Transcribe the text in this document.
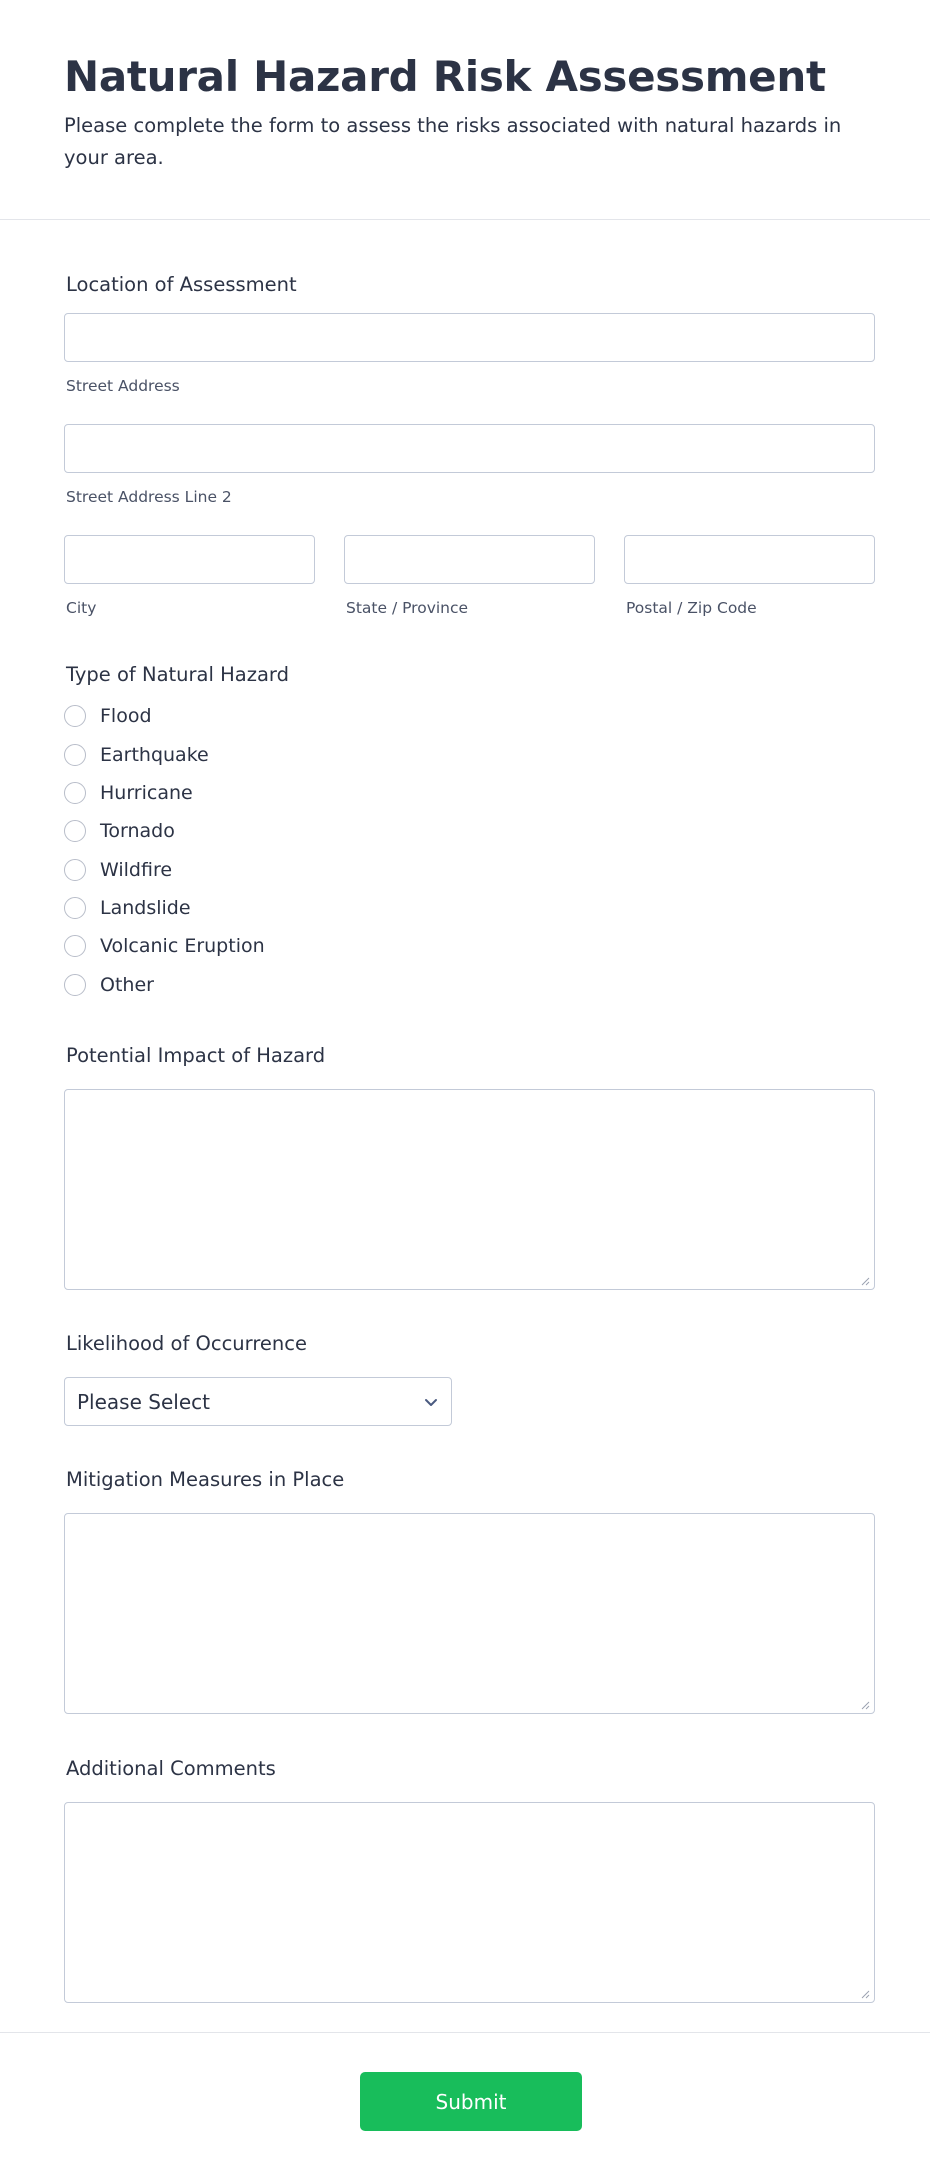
Natural Hazard Risk Assessment

Please complete the form to assess the risks associated with natural hazards in your area.

Location of Assessment
Street Address
Street Address Line 2
City	State / Province	Postal / Zip Code
Type of Natural Hazard
Flood
Earthquake
Hurricane
Tornado
Wildfire
Landslide
Volcanic Eruption
Other
Potential Impact of Hazard
Likelihood of Occurrence
Please Select
Mitigation Measures in Place
Additional Comments
Submit
